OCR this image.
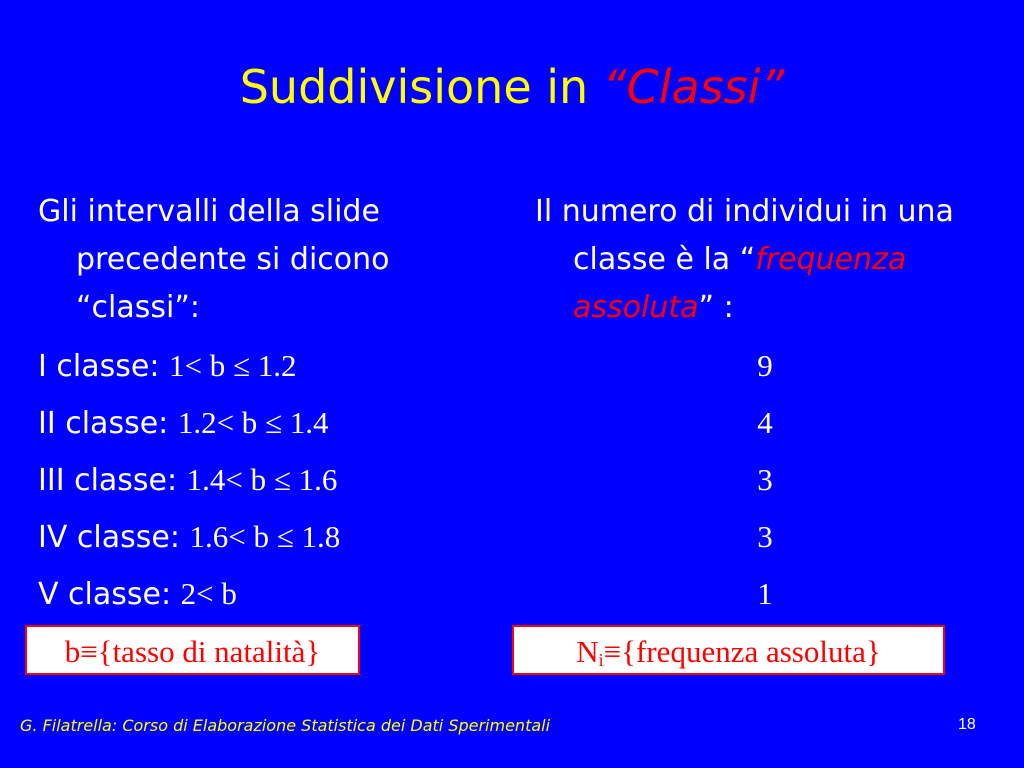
Suddivisione in “Classi”

Gli intervalli della slide precedente si dicono “classi”:

Il numero di individui in una classe è la “frequenza assoluta” :

I classe: 1< b ≤ 1.2
II classe: 1.2< b ≤ 1.4
III classe: 1.4< b ≤ 1.6
IV classe: 1.6< b ≤ 1.8
V classe: 2< b
9
4
3
3
1
b≡{tasso di natalità}	$N_i\equiv\{frequenza$ assoluta}
G. Filatrella: Corso di Elaborazione Statistica dei Dati Sperimentali	18
